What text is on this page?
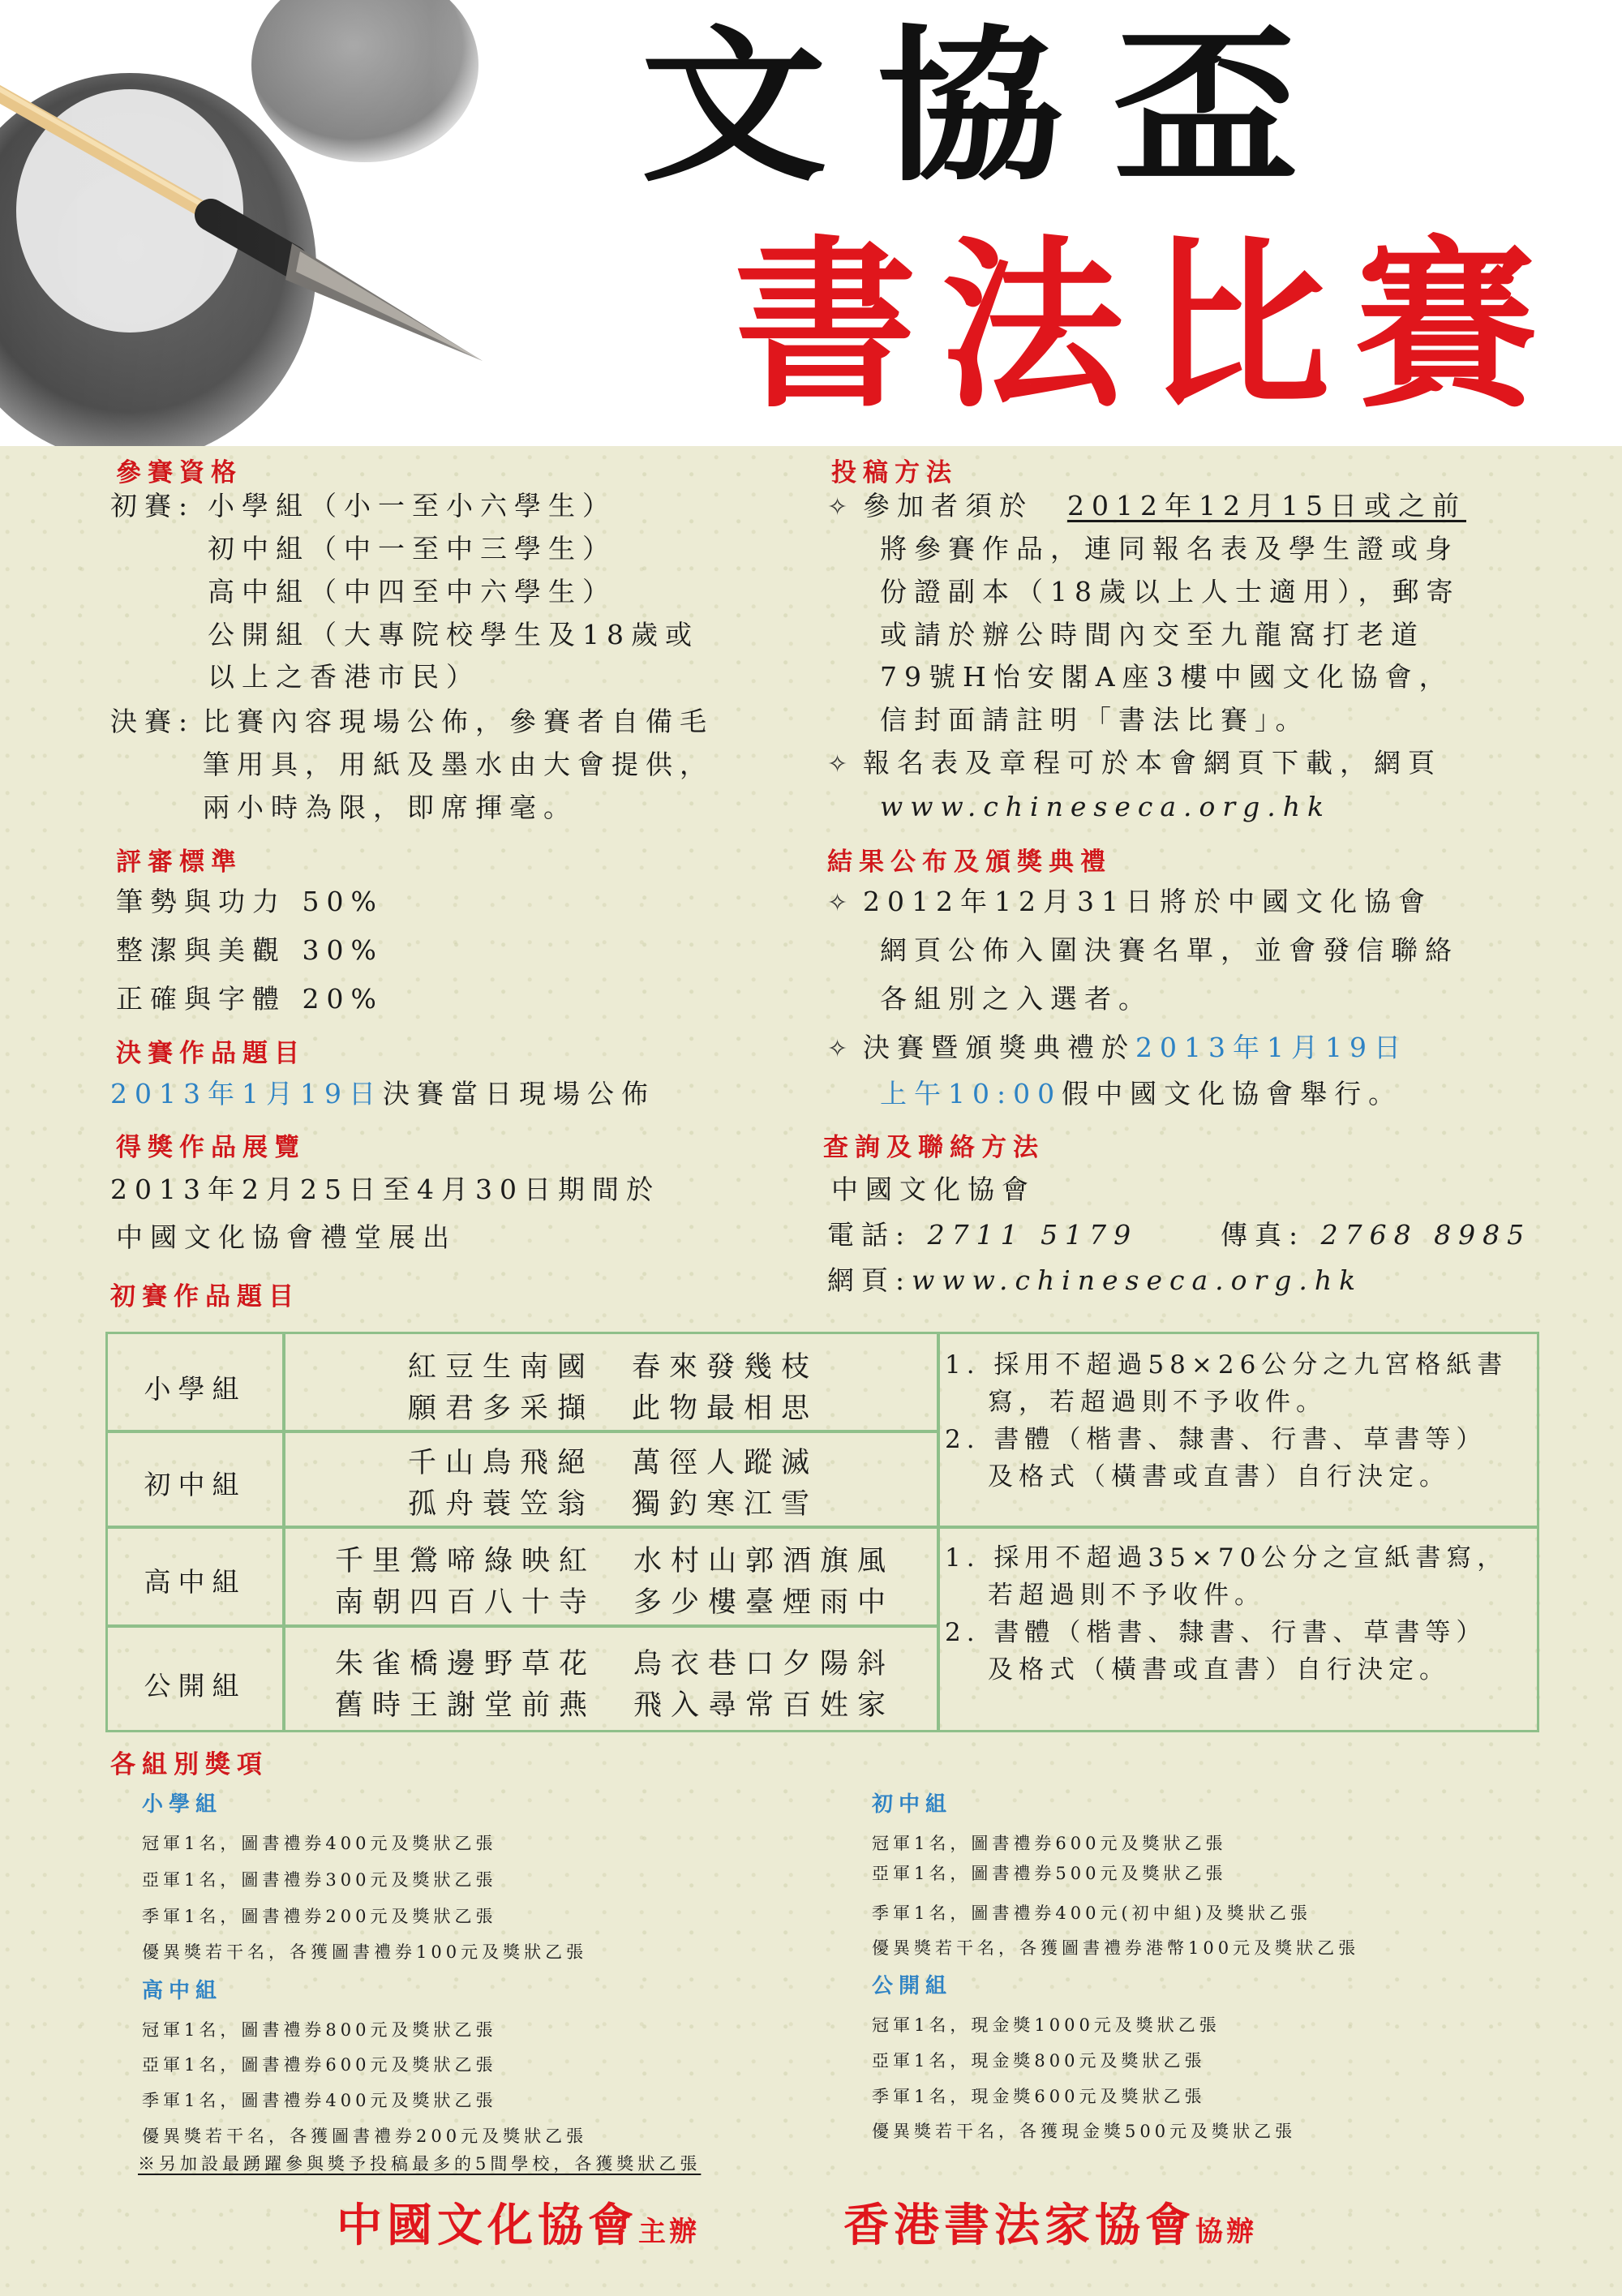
文協盃
書法比賽
參賽資格
初賽: 小學組（小一至小六學生）
初中組（中一至中三學生）
高中組（中四至中六學生）
公開組（大專院校學生及18歲或
以上之香港市民）
決賽: 比賽內容現場公佈，參賽者自備毛
筆用具，用紙及墨水由大會提供，
兩小時為限，即席揮毫。
評審標準
筆勢與功力 50%
整潔與美觀 30%
正確與字體 20%
決賽作品題目
2013年1月19日決賽當日現場公佈
得獎作品展覽
2013年2月25日至4月30日期間於
中國文化協會禮堂展出
初賽作品題目
投稿方法
✧ 參加者須於　 2012年12月15日或之前
將參賽作品，連同報名表及學生證或身
份證副本（18歲以上人士適用），郵寄
或請於辦公時間內交至九龍窩打老道
79號H怡安閣A座3樓中國文化協會，
信封面請註明「書法比賽」。
✧ 報名表及章程可於本會網頁下載，網頁
www.chineseca.org.hk
結果公布及頒獎典禮
✧ 2012年12月31日將於中國文化協會
網頁公佈入圍決賽名單，並會發信聯絡
各組別之入選者。
✧ 決賽暨頒獎典禮於2013年1月19日
上午10:00假中國文化協會舉行。
查詢及聯絡方法
中國文化協會
電話: 2711 5179	傳真: 2768 8985
網頁:www.chineseca.org.hk
小學組
紅豆生南國　春來發幾枝
願君多采擷　此物最相思
初中組
千山鳥飛絕　萬徑人蹤滅
孤舟蓑笠翁　獨釣寒江雪
高中組
千里鶯啼綠映紅　水村山郭酒旗風
南朝四百八十寺　多少樓臺煙雨中
公開組
朱雀橋邊野草花　烏衣巷口夕陽斜
舊時王謝堂前燕　飛入尋常百姓家
1. 採用不超過58×26公分之九宮格紙書
寫，若超過則不予收件。
2. 書體（楷書、隸書、行書、草書等）
及格式（橫書或直書）自行決定。
1. 採用不超過35×70公分之宣紙書寫，
若超過則不予收件。
2. 書體（楷書、隸書、行書、草書等）
及格式（橫書或直書）自行決定。
各組別獎項
小學組
冠軍1名，圖書禮券400元及獎狀乙張
亞軍1名，圖書禮券300元及獎狀乙張
季軍1名，圖書禮券200元及獎狀乙張
優異獎若干名，各獲圖書禮券100元及獎狀乙張
初中組
冠軍1名，圖書禮券600元及獎狀乙張
亞軍1名，圖書禮券500元及獎狀乙張
季軍1名，圖書禮券400元(初中組)及獎狀乙張
優異獎若干名，各獲圖書禮券港幣100元及獎狀乙張
高中組
冠軍1名，圖書禮券800元及獎狀乙張
亞軍1名，圖書禮券600元及獎狀乙張
季軍1名，圖書禮券400元及獎狀乙張
優異獎若干名，各獲圖書禮券200元及獎狀乙張
公開組
冠軍1名，現金獎1000元及獎狀乙張
亞軍1名，現金獎800元及獎狀乙張
季軍1名，現金獎600元及獎狀乙張
優異獎若干名，各獲現金獎500元及獎狀乙張
※另加設最踴躍參與獎予投稿最多的5間學校，各獲獎狀乙張
中國文化協會主辦	香港書法家協會協辦
